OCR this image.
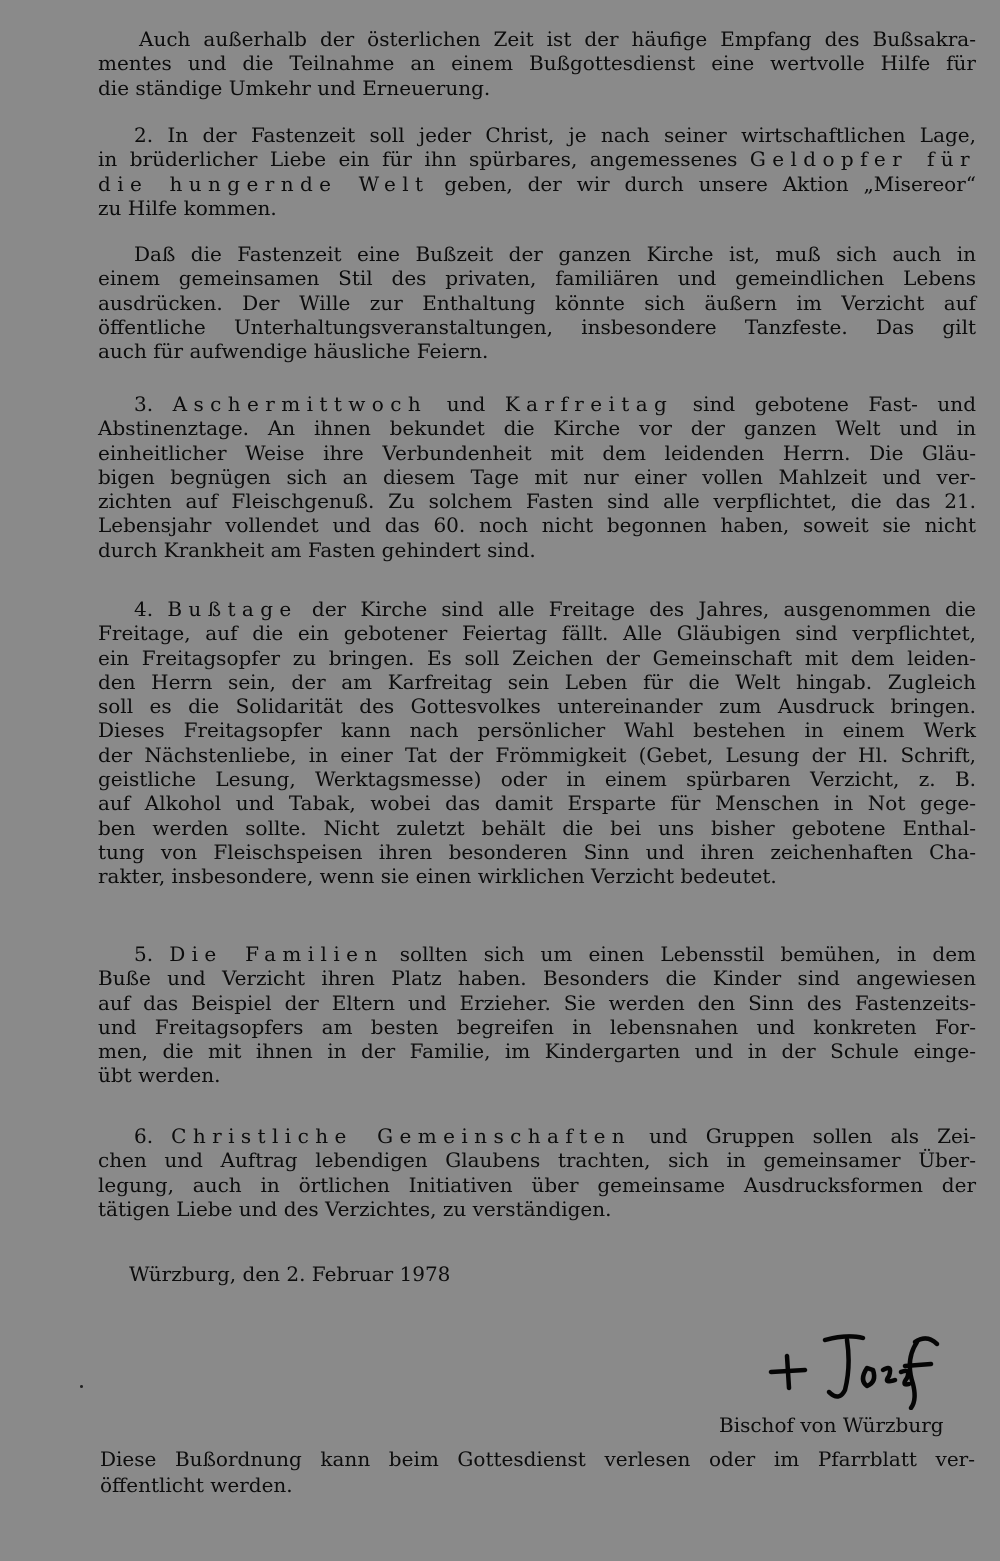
Auch außerhalb der österlichen Zeit ist der häufige Empfang des Bußsakra-
mentes und die Teilnahme an einem Bußgottesdienst eine wertvolle Hilfe für
die ständige Umkehr und Erneuerung.
2. In der Fastenzeit soll jeder Christ, je nach seiner wirtschaftlichen Lage,
in brüderlicher Liebe ein für ihn spürbares, angemessenes Geldopfer für
die hungernde Welt geben, der wir durch unsere Aktion „Misereor“
zu Hilfe kommen.
Daß die Fastenzeit eine Bußzeit der ganzen Kirche ist, muß sich auch in
einem gemeinsamen Stil des privaten, familiären und gemeindlichen Lebens
ausdrücken. Der Wille zur Enthaltung könnte sich äußern im Verzicht auf
öffentliche Unterhaltungsveranstaltungen, insbesondere Tanzfeste. Das gilt
auch für aufwendige häusliche Feiern.
3. Aschermittwoch und Karfreitag sind gebotene Fast- und
Abstinenztage. An ihnen bekundet die Kirche vor der ganzen Welt und in
einheitlicher Weise ihre Verbundenheit mit dem leidenden Herrn. Die Gläu-
bigen begnügen sich an diesem Tage mit nur einer vollen Mahlzeit und ver-
zichten auf Fleischgenuß. Zu solchem Fasten sind alle verpflichtet, die das 21.
Lebensjahr vollendet und das 60. noch nicht begonnen haben, soweit sie nicht
durch Krankheit am Fasten gehindert sind.
4. Bußtage der Kirche sind alle Freitage des Jahres, ausgenommen die
Freitage, auf die ein gebotener Feiertag fällt. Alle Gläubigen sind verpflichtet,
ein Freitagsopfer zu bringen. Es soll Zeichen der Gemeinschaft mit dem leiden-
den Herrn sein, der am Karfreitag sein Leben für die Welt hingab. Zugleich
soll es die Solidarität des Gottesvolkes untereinander zum Ausdruck bringen.
Dieses Freitagsopfer kann nach persönlicher Wahl bestehen in einem Werk
der Nächstenliebe, in einer Tat der Frömmigkeit (Gebet, Lesung der Hl. Schrift,
geistliche Lesung, Werktagsmesse) oder in einem spürbaren Verzicht, z. B.
auf Alkohol und Tabak, wobei das damit Ersparte für Menschen in Not gege-
ben werden sollte. Nicht zuletzt behält die bei uns bisher gebotene Enthal-
tung von Fleischspeisen ihren besonderen Sinn und ihren zeichenhaften Cha-
rakter, insbesondere, wenn sie einen wirklichen Verzicht bedeutet.
5. Die Familien sollten sich um einen Lebensstil bemühen, in dem
Buße und Verzicht ihren Platz haben. Besonders die Kinder sind angewiesen
auf das Beispiel der Eltern und Erzieher. Sie werden den Sinn des Fastenzeits-
und Freitagsopfers am besten begreifen in lebensnahen und konkreten For-
men, die mit ihnen in der Familie, im Kindergarten und in der Schule einge-
übt werden.
6. Christliche Gemeinschaften und Gruppen sollen als Zei-
chen und Auftrag lebendigen Glaubens trachten, sich in gemeinsamer Über-
legung, auch in örtlichen Initiativen über gemeinsame Ausdrucksformen der
tätigen Liebe und des Verzichtes, zu verständigen.
Würzburg, den 2. Februar 1978
Bischof von Würzburg
Diese Bußordnung kann beim Gottesdienst verlesen oder im Pfarrblatt ver-
öffentlicht werden.
